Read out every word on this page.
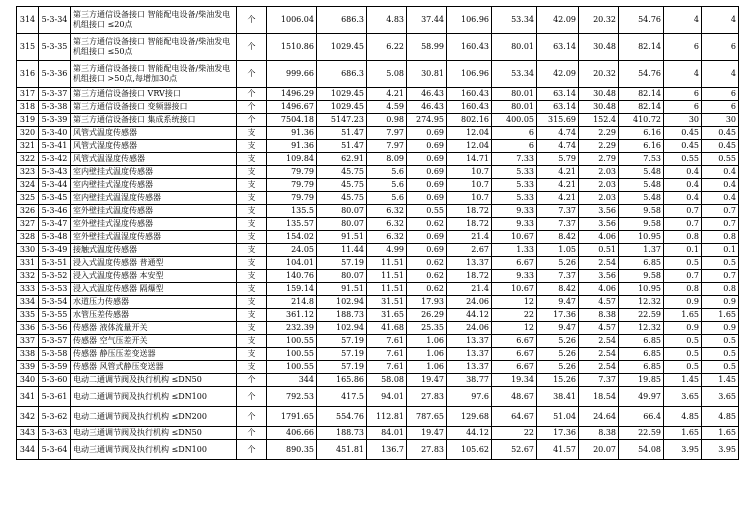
314	5-3-34	第三方通信设备接口 智能配电设备/柴油发电机组接口 ≤20点	个	1006.04	686.3	4.83	37.44	106.96	53.34	42.09	20.32	54.76	4	4
315	5-3-35	第三方通信设备接口 智能配电设备/柴油发电机组接口 ≤50点	个	1510.86	1029.45	6.22	58.99	160.43	80.01	63.14	30.48	82.14	6	6
316	5-3-36	第三方通信设备接口 智能配电设备/柴油发电机组接口 >50点,每增加30点	个	999.66	686.3	5.08	30.81	106.96	53.34	42.09	20.32	54.76	4	4
317	5-3-37	第三方通信设备接口 VRV接口	个	1496.29	1029.45	4.21	46.43	160.43	80.01	63.14	30.48	82.14	6	6
318	5-3-38	第三方通信设备接口 变频器接口	个	1496.67	1029.45	4.59	46.43	160.43	80.01	63.14	30.48	82.14	6	6
319	5-3-39	第三方通信设备接口 集成系统接口	个	7504.18	5147.23	0.98	274.95	802.16	400.05	315.69	152.4	410.72	30	30
320	5-3-40	风管式温度传感器	支	91.36	51.47	7.97	0.69	12.04	6	4.74	2.29	6.16	0.45	0.45
321	5-3-41	风管式湿度传感器	支	91.36	51.47	7.97	0.69	12.04	6	4.74	2.29	6.16	0.45	0.45
322	5-3-42	风管式温湿度传感器	支	109.84	62.91	8.09	0.69	14.71	7.33	5.79	2.79	7.53	0.55	0.55
323	5-3-43	室内壁挂式温度传感器	支	79.79	45.75	5.6	0.69	10.7	5.33	4.21	2.03	5.48	0.4	0.4
324	5-3-44	室内壁挂式湿度传感器	支	79.79	45.75	5.6	0.69	10.7	5.33	4.21	2.03	5.48	0.4	0.4
325	5-3-45	室内壁挂式温湿度传感器	支	79.79	45.75	5.6	0.69	10.7	5.33	4.21	2.03	5.48	0.4	0.4
326	5-3-46	室外壁挂式温度传感器	支	135.5	80.07	6.32	0.55	18.72	9.33	7.37	3.56	9.58	0.7	0.7
327	5-3-47	室外壁挂式湿度传感器	支	135.57	80.07	6.32	0.62	18.72	9.33	7.37	3.56	9.58	0.7	0.7
328	5-3-48	室外壁挂式温湿度传感器	支	154.02	91.51	6.32	0.69	21.4	10.67	8.42	4.06	10.95	0.8	0.8
330	5-3-49	接触式温度传感器	支	24.05	11.44	4.99	0.69	2.67	1.33	1.05	0.51	1.37	0.1	0.1
331	5-3-51	浸入式温度传感器 普通型	支	104.01	57.19	11.51	0.62	13.37	6.67	5.26	2.54	6.85	0.5	0.5
332	5-3-52	浸入式温度传感器 本安型	支	140.76	80.07	11.51	0.62	18.72	9.33	7.37	3.56	9.58	0.7	0.7
333	5-3-53	浸入式温度传感器 隔爆型	支	159.14	91.51	11.51	0.62	21.4	10.67	8.42	4.06	10.95	0.8	0.8
334	5-3-54	水道压力传感器	支	214.8	102.94	31.51	17.93	24.06	12	9.47	4.57	12.32	0.9	0.9
335	5-3-55	水管压差传感器	支	361.12	188.73	31.65	26.29	44.12	22	17.36	8.38	22.59	1.65	1.65
336	5-3-56	传感器 液体流量开关	支	232.39	102.94	41.68	25.35	24.06	12	9.47	4.57	12.32	0.9	0.9
337	5-3-57	传感器 空气压差开关	支	100.55	57.19	7.61	1.06	13.37	6.67	5.26	2.54	6.85	0.5	0.5
338	5-3-58	传感器 静压压差变送器	支	100.55	57.19	7.61	1.06	13.37	6.67	5.26	2.54	6.85	0.5	0.5
339	5-3-59	传感器 风管式静压变送器	支	100.55	57.19	7.61	1.06	13.37	6.67	5.26	2.54	6.85	0.5	0.5
340	5-3-60	电动二通调节阀及执行机构 ≤DN50	个	344	165.86	58.08	19.47	38.77	19.34	15.26	7.37	19.85	1.45	1.45
341	5-3-61	电动二通调节阀及执行机构 ≤DN100	个	792.53	417.5	94.01	27.83	97.6	48.67	38.41	18.54	49.97	3.65	3.65
342	5-3-62	电动二通调节阀及执行机构 ≤DN200	个	1791.65	554.76	112.81	787.65	129.68	64.67	51.04	24.64	66.4	4.85	4.85
343	5-3-63	电动三通调节阀及执行机构 ≤DN50	个	406.66	188.73	84.01	19.47	44.12	22	17.36	8.38	22.59	1.65	1.65
344	5-3-64	电动三通调节阀及执行机构 ≤DN100	个	890.35	451.81	136.7	27.83	105.62	52.67	41.57	20.07	54.08	3.95	3.95
